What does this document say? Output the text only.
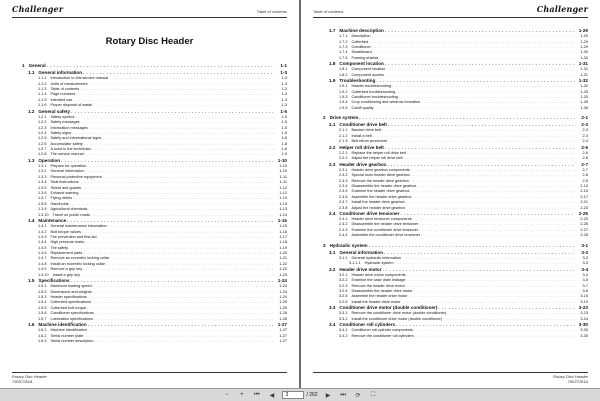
Challenger	Table of contents
Rotary Disc Header
1 General . . .	1-1
1.1 General information . . .	1-3
1.1.1 Introduction to this service manual . . .	1-3
1.1.2 Units of measurement . . .	1-3
1.1.3 Table of contents . . .	1-3
1.1.4 Page numbers . . .	1-3
1.1.5 Intended use . . .	1-3
1.1.6 Proper disposal of waste . . .	1-3
1.2 General safety . . .	1-5
1.2.1 Safety symbol . . .	1-5
1.2.2 Safety messages . . .	1-5
1.2.3 Information messages . . .	1-5
1.2.4 Safety signs . . .	1-5
1.2.5 Safety and informational signs . . .	1-6
1.2.6 Accumulator safety . . .	1-8
1.2.7 A word to the technician . . .	1-8
1.2.8 The service manual . . .	1-9
1.3 Operation . . .	1-10
1.3.1 Prepare for operation . . .	1-10
1.3.2 General information . . .	1-10
1.3.3 Personal protective equipment . . .	1-11
1.3.4 Seat instructions . . .	1-11
1.3.5 Shield and guards . . .	1-12
1.3.6 Exhaust warning . . .	1-12
1.3.7 Flying debris . . .	1-13
1.3.8 Handholds . . .	1-13
1.3.9 Agricultural chemicals . . .	1-13
1.3.10 Travel on public roads . . .	1-14
1.4 Maintenance . . .	1-15
1.4.1 General maintenance information . . .	1-15
1.4.2 Bolt torque values . . .	1-16
1.4.3 Fire prevention and first aid . . .	1-17
1.4.4 High pressure leaks . . .	1-18
1.4.5 Tire safety . . .	1-19
1.4.6 Replacement parts . . .	1-20
1.4.7 Remove an eccentric locking collar . . .	1-21
1.4.8 Install an eccentric locking collar . . .	1-22
1.4.9 Remove a grip key . . .	1-22
1.4.10 Install a grip key . . .	1-23
1.5 Specifications . . .	1-24
1.5.1 Maximum loading speed . . .	1-24
1.5.2 Dimensions and weights . . .	1-24
1.5.3 Header specifications . . .	1-24
1.5.4 Cutterbed specifications . . .	1-25
1.5.5 Cutterbed bolt torque . . .	1-25
1.5.6 Conditioner specifications . . .	1-26
1.5.7 Lubrication specifications . . .	1-26
1.6 Machine identification . . .	1-27
1.6.1 Machine identification . . .	1-27
1.6.2 Serial number plate . . .	1-27
1.6.3 Serial number description . . .	1-27
Rotary Disc Header
79037281A
Table of contents	Challenger
1.7 Machine description . . .	1-29
1.7.1 Description . . .	1-29
1.7.2 Cutterbed . . .	1-29
1.7.3 Conditioner . . .	1-29
1.7.4 Swathboard . . .	1-30
1.7.5 Forming shields . . .	1-30
1.8 Component location . . .	1-31
1.8.1 Component location . . .	1-31
1.8.2 Component access . . .	1-31
1.9 Troubleshooting . . .	1-32
1.9.1 Header troubleshooting . . .	1-32
1.9.2 Cutterbed troubleshooting . . .	1-33
1.9.3 Conditioner troubleshooting . . .	1-33
1.9.4 Crop conditioning and windrow formation . . .	1-35
1.9.5 Cutoff quality . . .	1-36
2 Drive system . . .	2-1
2.1 Conditioner drive belt . . .	2-3
2.1.1 Banded drive belt . . .	2-3
2.1.2 Install a belt . . .	2-3
2.1.3 Belt return procedure . . .	2-4
2.2 Helper roll drive belt . . .	2-6
2.2.1 Replace the helper roll drive belt . . .	2-6
2.2.2 Adjust the helper roll drive belt . . .	2-6
2.3 Header drive gearbox . . .	2-7
2.3.1 Header drive gearbox components . . .	2-7
2.3.2 Special tools header drive gearbox . . .	2-8
2.3.3 Remove the header drive gearbox . . .	2-9
2.3.4 Disassemble the header drive gearbox . . .	2-10
2.3.5 Examine the header drive gearbox . . .	2-15
2.3.6 Assemble the header drive gearbox . . .	2-17
2.3.7 Install the header drive gearbox . . .	2-21
2.3.8 Adjust the header drive gearbox . . .	2-23
2.4 Conditioner drive tensioner . . .	2-25
2.4.1 Header drive tensioner components . . .	2-25
2.4.2 Disassemble the header drive tensioner . . .	2-26
2.4.3 Examine the conditioner drive tensioner . . .	2-27
2.4.4 Assemble the conditioner drive tensioner . . .	2-28
3 Hydraulic system . . .	3-1
3.1 General information . . .	3-3
3.1.1 General hydraulic information . . .	3-3
3.1.1.1 Hydraulic system . . .	3-3
3.2 Header drive motor . . .	3-4
3.2.1 Header drive motor components . . .	3-4
3.2.2 Examine the case drain leakage . . .	3-5
3.2.3 Remove the header drive motor . . .	3-7
3.2.4 Disassemble the header drive motor . . .	3-8
3.2.5 Assemble the header drive motor . . .	3-15
3.2.6 Install the header drive motor . . .	3-19
3.3 Conditioner drive motor (double conditioner) . . .	3-23
3.3.1 Remove the conditioner drive motor (double conditioner) . . .	3-23
3.3.2 Install the conditioner drive motor (double conditioner) . . .	3-24
3.4 Conditioner roll cylinders . . .	3-30
3.4.1 Conditioner roll cylinder components . . .	3-30
3.4.2 Remove the conditioner roll cylinders . . .	3-30
Rotary Disc Header
79037281A
−	+	⏮	◀	3	/ 262	▶	⏭	⟳	⛶
